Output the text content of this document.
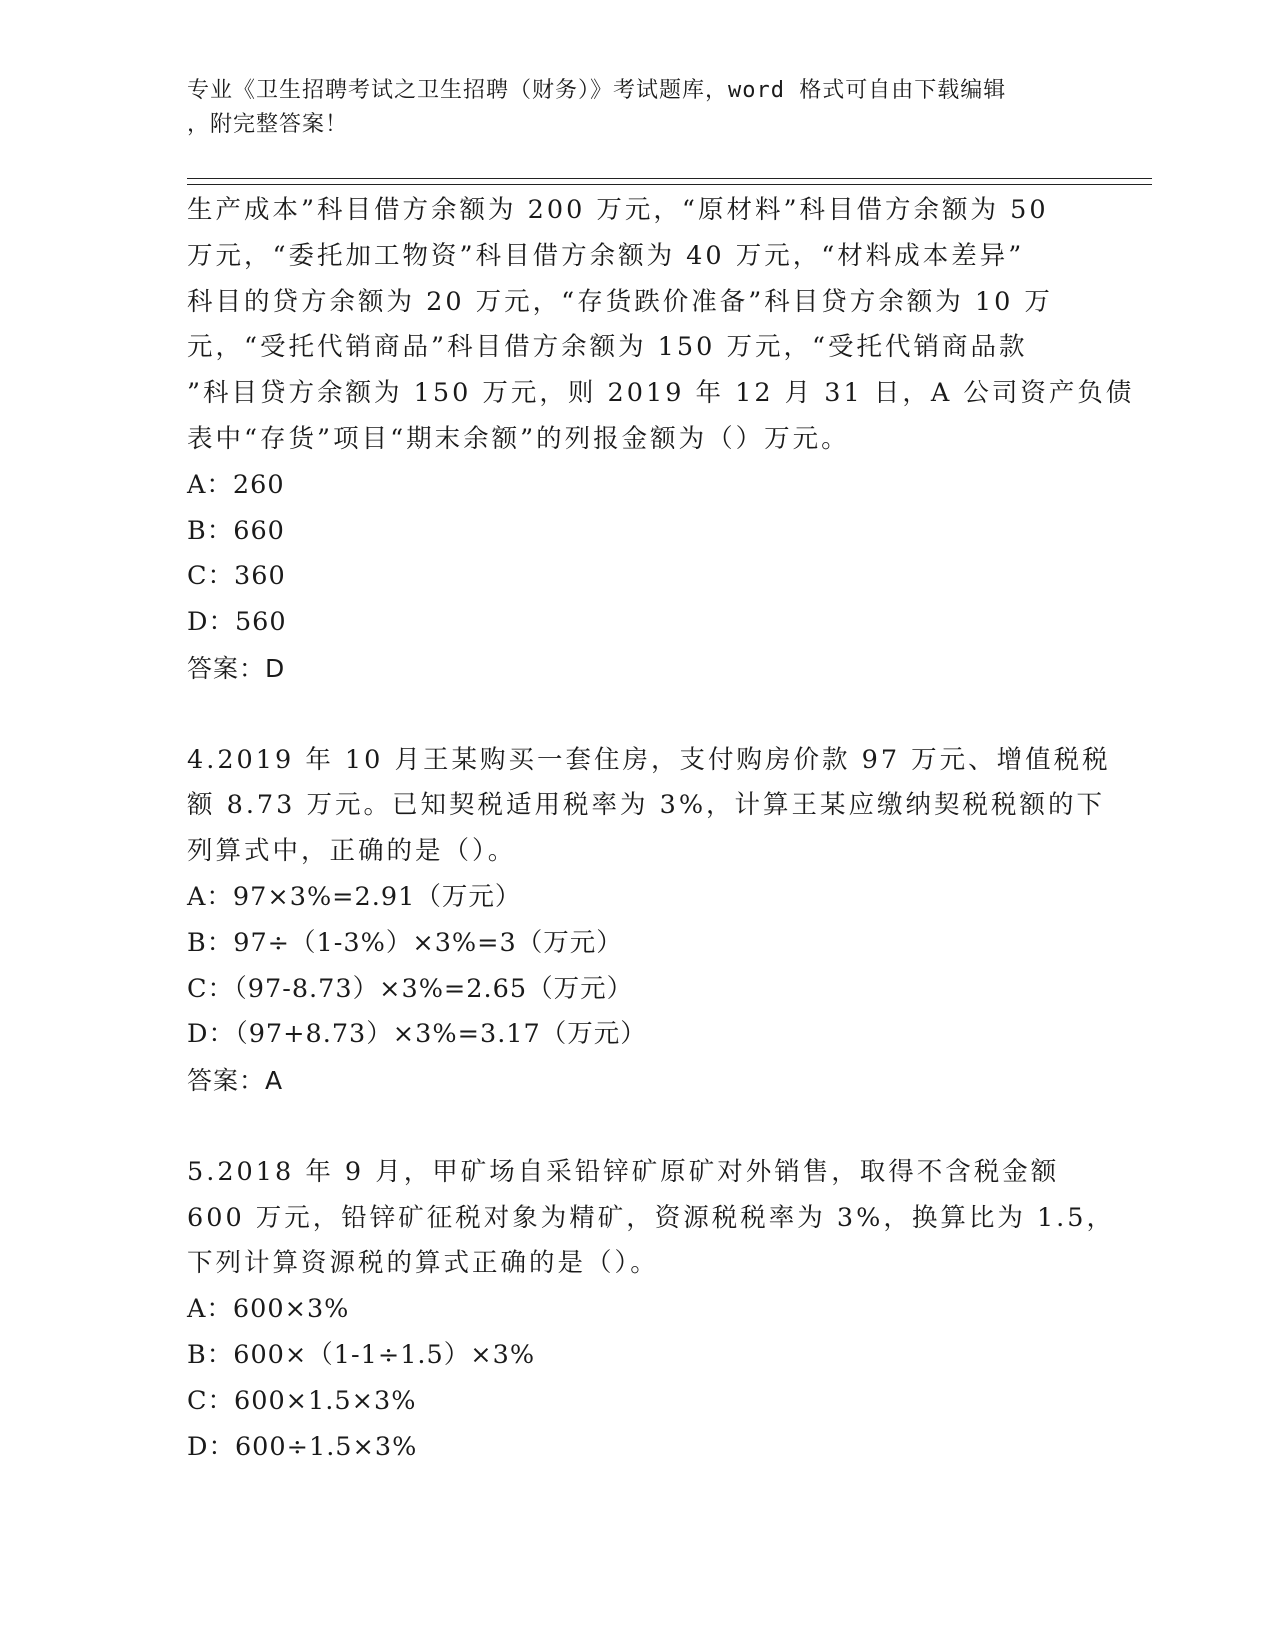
专业《卫生招聘考试之卫生招聘（财务）》考试题库，word 格式可自由下载编辑
，附完整答案！

生产成本”科目借方余额为 200 万元，“原材料”科目借方余额为 50
万元，“委托加工物资”科目借方余额为 40 万元，“材料成本差异”
科目的贷方余额为 20 万元，“存货跌价准备”科目贷方余额为 10 万
元，“受托代销商品”科目借方余额为 150 万元，“受托代销商品款
”科目贷方余额为 150 万元，则 2019 年 12 月 31 日，A 公司资产负债
表中“存货”项目“期末余额”的列报金额为（）万元。

A：260

B：660

C：360

D：560

答案：D

4.2019 年 10 月王某购买一套住房，支付购房价款 97 万元、增值税税
额 8.73 万元。已知契税适用税率为 3%，计算王某应缴纳契税税额的下
列算式中，正确的是（）。

A：97×3%=2.91（万元）

B：97÷（1-3%）×3%=3（万元）

C：（97-8.73）×3%=2.65（万元）

D：（97+8.73）×3%=3.17（万元）

答案：A

5.2018 年 9 月，甲矿场自采铅锌矿原矿对外销售，取得不含税金额
600 万元，铅锌矿征税对象为精矿，资源税税率为 3%，换算比为 1.5，
下列计算资源税的算式正确的是（）。

A：600×3%

B：600×（1-1÷1.5）×3%

C：600×1.5×3%

D：600÷1.5×3%
